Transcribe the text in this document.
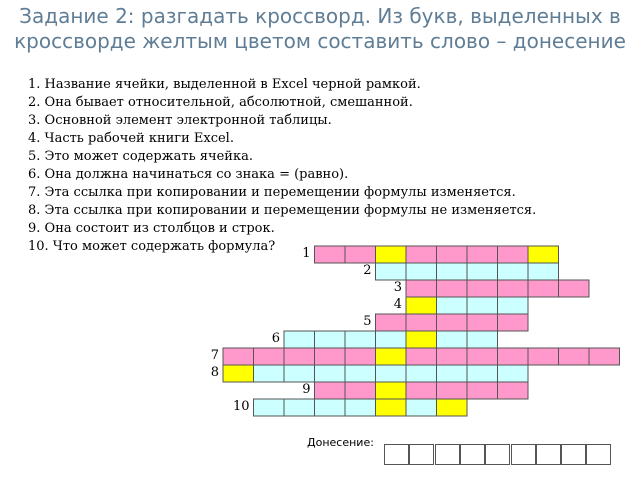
Задание 2: разгадать кроссворд. Из букв, выделенных в кроссворде желтым цветом составить слово – донесение
1. Название ячейки, выделенной в Excel черной рамкой.
2. Она бывает относительной, абсолютной, смешанной.
3. Основной элемент электронной таблицы.
4. Часть рабочей книги Excel.
5. Это может содержать ячейка.
6. Она должна начинаться со знака = (равно).
7. Эта ссылка при копировании и перемещении формулы изменяется.
8. Эта ссылка при копировании и перемещении формулы не изменяется.
9. Она состоит из столбцов и строк.
10. Что может содержать формула?	1
2
3
4
5
6
7
8
9
10
Донесение:
